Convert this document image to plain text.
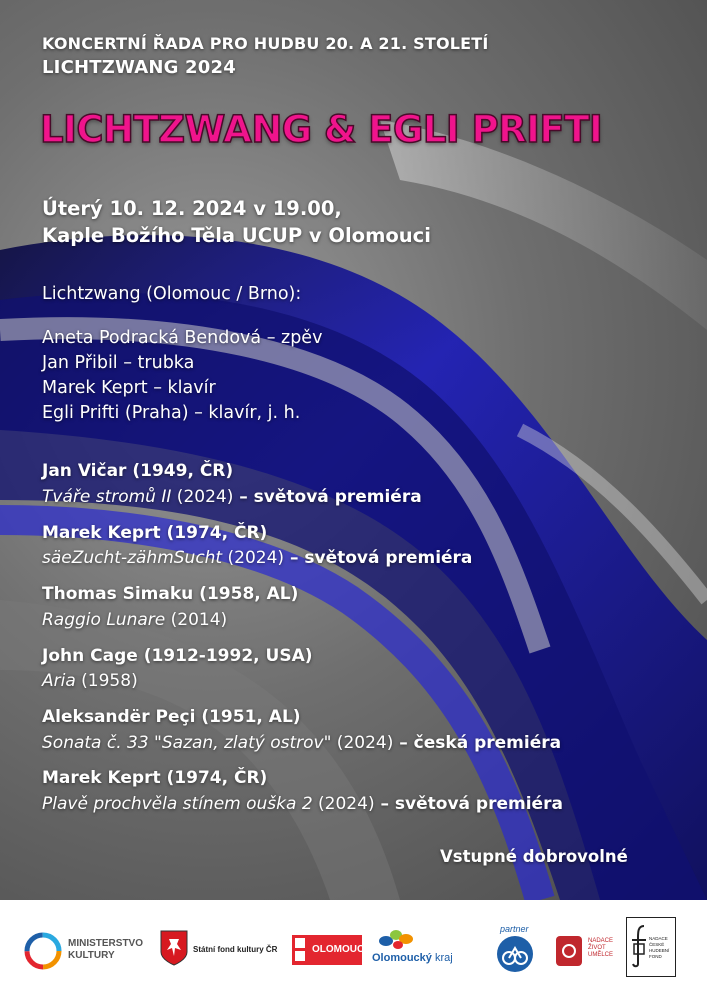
KONCERTNÍ ŘADA PRO HUDBU 20. A 21. STOLETÍ
LICHTZWANG 2024
LICHTZWANG & EGLI PRIFTI
Úterý 10. 12. 2024 v 19.00,
Kaple Božího Těla UCUP v Olomouci
Lichtzwang (Olomouc / Brno):
Aneta Podracká Bendová – zpěv
Jan Přibil – trubka
Marek Keprt – klavír
Egli Prifti (Praha) – klavír, j. h.
Jan Vičar (1949, ČR)
Tváře stromů II (2024) – světová premiéra
Marek Keprt (1974, ČR)
säeZucht-zähmSucht (2024) – světová premiéra
Thomas Simaku (1958, AL)
Raggio Lunare (2014)
John Cage (1912-1992, USA)
Aria (1958)
Aleksandër Peçi (1951, AL)
Sonata č. 33 "Sazan, zlatý ostrov" (2024) – česká premiéra
Marek Keprt (1974, ČR)
Plavě prochvěla stínem ouška 2 (2024) – světová premiéra
Vstupné dobrovolné
MINISTERSTVO
KULTURY
Státní fond kultury ČR	OLOMOUC
Olomoucký kraj
partner
NADACE
ŽIVOT
UMĚLCE
NADACE
ČESKÉ
HUDEBNÍ
FOND
